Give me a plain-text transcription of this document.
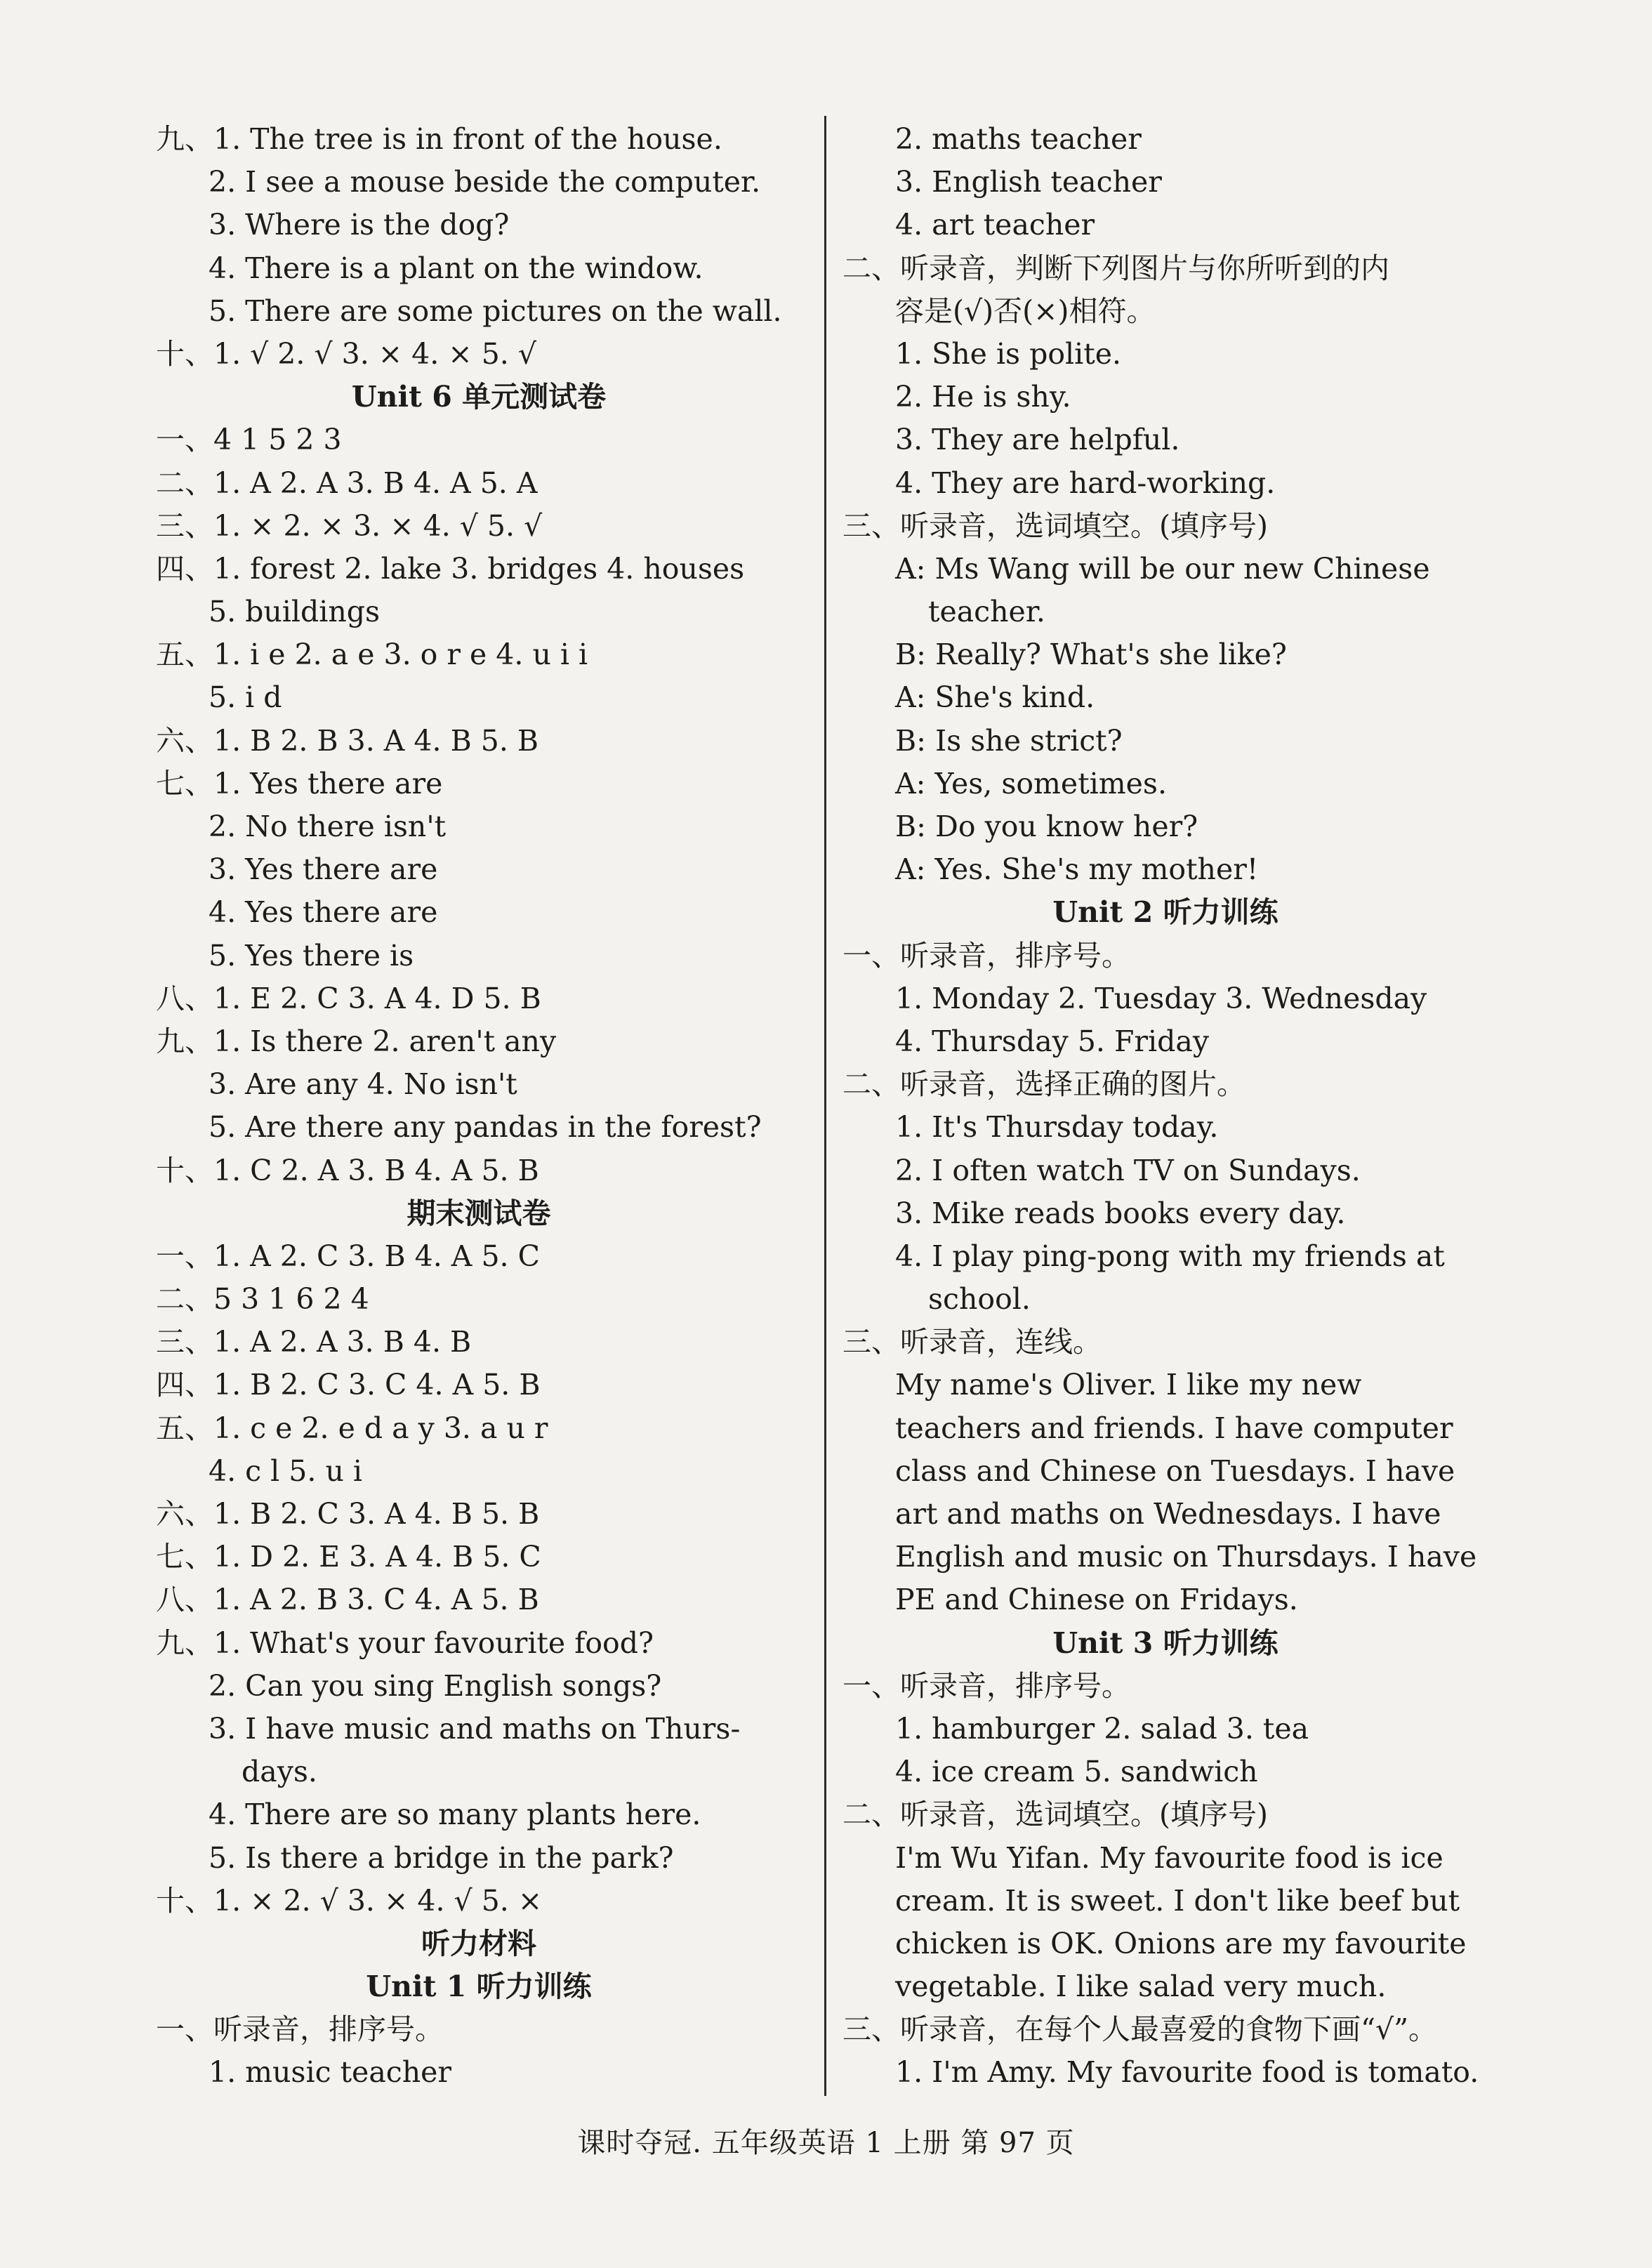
九、1. The tree is in front of the house.
2. I see a mouse beside the computer.
3. Where is the dog?
4. There is a plant on the window.
5. There are some pictures on the wall.
十、1. √ 2. √ 3. × 4. × 5. √
Unit 6 单元测试卷
一、4 1 5 2 3
二、1. A 2. A 3. B 4. A 5. A
三、1. × 2. × 3. × 4. √ 5. √
四、1. forest 2. lake 3. bridges 4. houses
5. buildings
五、1. i e 2. a e 3. o r e 4. u i i
5. i d
六、1. B 2. B 3. A 4. B 5. B
七、1. Yes there are
2. No there isn't
3. Yes there are
4. Yes there are
5. Yes there is
八、1. E 2. C 3. A 4. D 5. B
九、1. Is there 2. aren't any
3. Are any 4. No isn't
5. Are there any pandas in the forest?
十、1. C 2. A 3. B 4. A 5. B
期末测试卷
一、1. A 2. C 3. B 4. A 5. C
二、5 3 1 6 2 4
三、1. A 2. A 3. B 4. B
四、1. B 2. C 3. C 4. A 5. B
五、1. c e 2. e d a y 3. a u r
4. c l 5. u i
六、1. B 2. C 3. A 4. B 5. B
七、1. D 2. E 3. A 4. B 5. C
八、1. A 2. B 3. C 4. A 5. B
九、1. What's your favourite food?
2. Can you sing English songs?
3. I have music and maths on Thurs-
days.
4. There are so many plants here.
5. Is there a bridge in the park?
十、1. × 2. √ 3. × 4. √ 5. ×
听力材料
Unit 1 听力训练
一、听录音，排序号。
1. music teacher
2. maths teacher
3. English teacher
4. art teacher
二、听录音，判断下列图片与你所听到的内
容是(√)否(×)相符。
1. She is polite.
2. He is shy.
3. They are helpful.
4. They are hard-working.
三、听录音，选词填空。(填序号)
A: Ms Wang will be our new Chinese
teacher.
B: Really? What's she like?
A: She's kind.
B: Is she strict?
A: Yes, sometimes.
B: Do you know her?
A: Yes. She's my mother!
Unit 2 听力训练
一、听录音，排序号。
1. Monday 2. Tuesday 3. Wednesday
4. Thursday 5. Friday
二、听录音，选择正确的图片。
1. It's Thursday today.
2. I often watch TV on Sundays.
3. Mike reads books every day.
4. I play ping-pong with my friends at
school.
三、听录音，连线。
My name's Oliver. I like my new
teachers and friends. I have computer
class and Chinese on Tuesdays. I have
art and maths on Wednesdays. I have
English and music on Thursdays. I have
PE and Chinese on Fridays.
Unit 3 听力训练
一、听录音，排序号。
1. hamburger 2. salad 3. tea
4. ice cream 5. sandwich
二、听录音，选词填空。(填序号)
I'm Wu Yifan. My favourite food is ice
cream. It is sweet. I don't like beef but
chicken is OK. Onions are my favourite
vegetable. I like salad very much.
三、听录音，在每个人最喜爱的食物下画“√”。
1. I'm Amy. My favourite food is tomato.
课时夺冠. 五年级英语 1 上册 第 97 页
